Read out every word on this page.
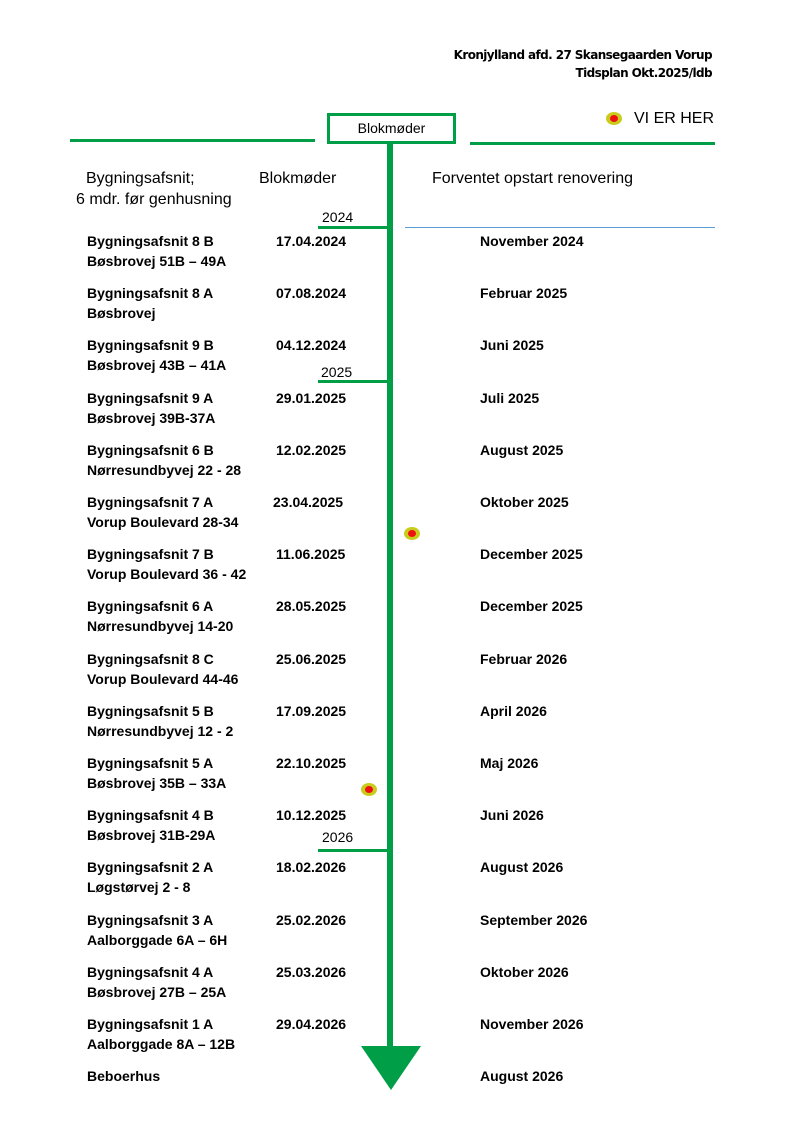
Kronjylland afd. 27 Skansegaarden Vorup
Tidsplan Okt.2025/ldb
Blokmøder
VI ER HER
Bygningsafsnit;
6 mdr. før genhusning
Blokmøder	Forventet opstart renovering
2024
2025
2026
Bygningsafsnit 8 B
Bøsbrovej 51B – 49A
17.04.2024	November 2024
Bygningsafsnit 8 A
Bøsbrovej
07.08.2024	Februar 2025
Bygningsafsnit 9 B
Bøsbrovej 43B – 41A
04.12.2024	Juni 2025
Bygningsafsnit 9 A
Bøsbrovej 39B-37A
29.01.2025	Juli 2025
Bygningsafsnit 6 B
Nørresundbyvej 22 - 28
12.02.2025	August 2025
Bygningsafsnit 7 A
Vorup Boulevard 28-34
23.04.2025	Oktober 2025
Bygningsafsnit 7 B
Vorup Boulevard 36 - 42
11.06.2025	December 2025
Bygningsafsnit 6 A
Nørresundbyvej 14-20
28.05.2025	December 2025
Bygningsafsnit 8 C
Vorup Boulevard 44-46
25.06.2025	Februar 2026
Bygningsafsnit 5 B
Nørresundbyvej 12 - 2
17.09.2025	April 2026
Bygningsafsnit 5 A
Bøsbrovej 35B – 33A
22.10.2025	Maj 2026
Bygningsafsnit 4 B
Bøsbrovej 31B-29A
10.12.2025	Juni 2026
Bygningsafsnit 2 A
Løgstørvej 2 - 8
18.02.2026	August 2026
Bygningsafsnit 3 A
Aalborggade 6A – 6H
25.02.2026	September 2026
Bygningsafsnit 4 A
Bøsbrovej 27B – 25A
25.03.2026	Oktober 2026
Bygningsafsnit 1 A
Aalborggade 8A – 12B
29.04.2026	November 2026
Beboerhus	August 2026
